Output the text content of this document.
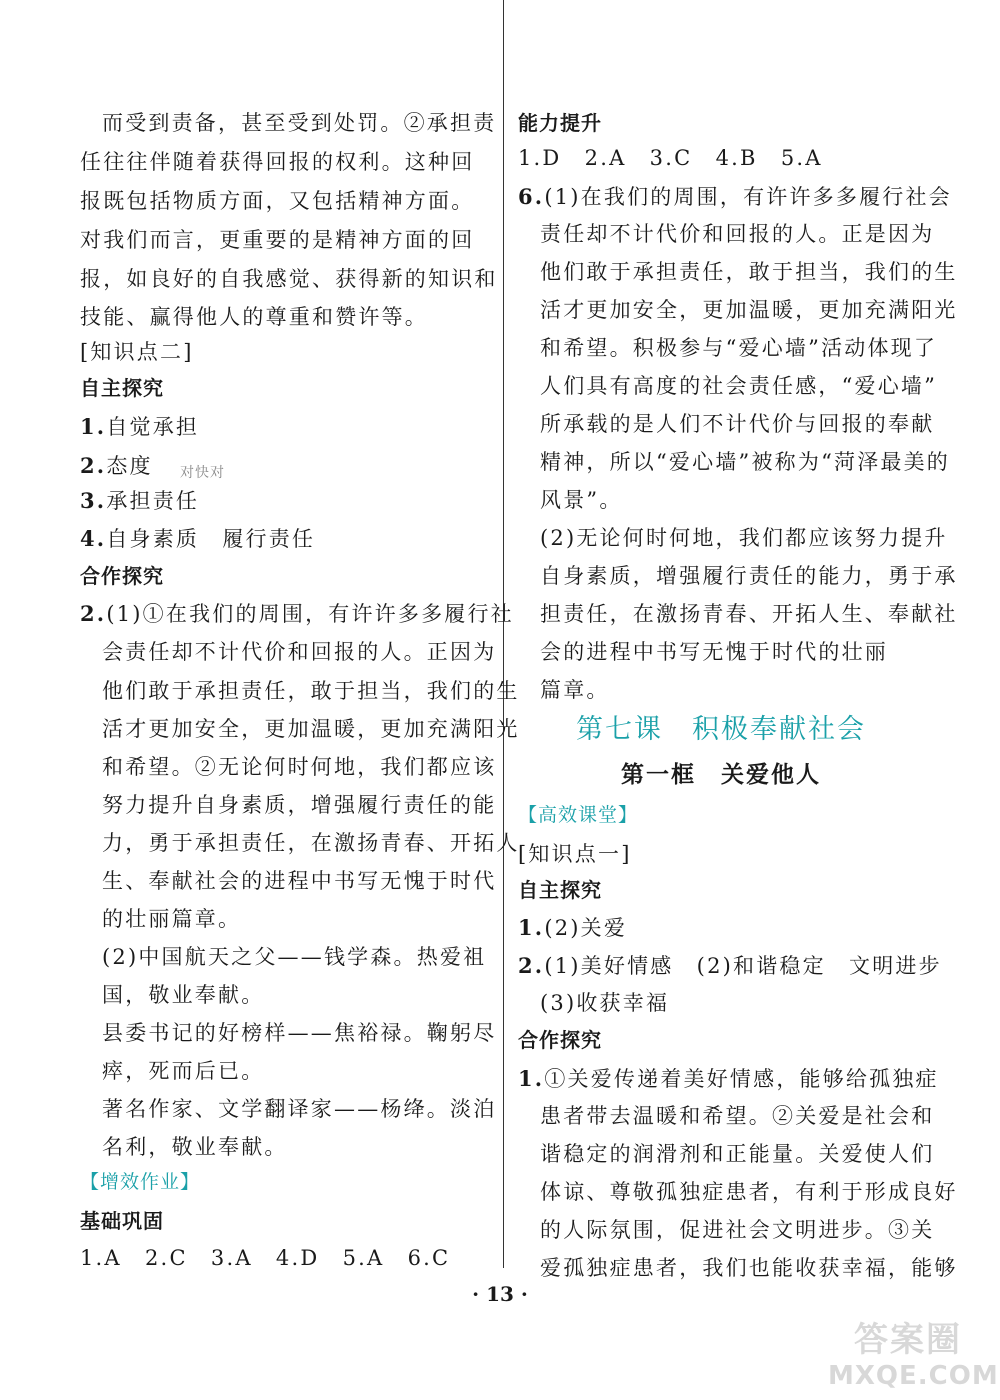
而受到责备，甚至受到处罚。②承担责
任往往伴随着获得回报的权利。这种回
报既包括物质方面，又包括精神方面。
对我们而言，更重要的是精神方面的回
报，如良好的自我感觉、获得新的知识和
技能、赢得他人的尊重和赞许等。
[知识点二]
自主探究
1.自觉承担
2.态度 对快对
3.承担责任
4.自身素质　履行责任
合作探究
2.(1)①在我们的周围，有许许多多履行社
会责任却不计代价和回报的人。正因为
他们敢于承担责任，敢于担当，我们的生
活才更加安全，更加温暖，更加充满阳光
和希望。②无论何时何地，我们都应该
努力提升自身素质，增强履行责任的能
力，勇于承担责任，在激扬青春、开拓人
生、奉献社会的进程中书写无愧于时代
的壮丽篇章。
(2)中国航天之父——钱学森。热爱祖
国，敬业奉献。
县委书记的好榜样——焦裕禄。鞠躬尽
瘁，死而后已。
著名作家、文学翻译家——杨绛。淡泊
名利，敬业奉献。
【增效作业】
基础巩固
1.A　2.C　3.A　4.D　5.A　6.C
能力提升
1.D　2.A　3.C　4.B　5.A
6.(1)在我们的周围，有许许多多履行社会
责任却不计代价和回报的人。正是因为
他们敢于承担责任，敢于担当，我们的生
活才更加安全，更加温暖，更加充满阳光
和希望。积极参与“爱心墙”活动体现了
人们具有高度的社会责任感，“爱心墙”
所承载的是人们不计代价与回报的奉献
精神，所以“爱心墙”被称为“菏泽最美的
风景”。
(2)无论何时何地，我们都应该努力提升
自身素质，增强履行责任的能力，勇于承
担责任，在激扬青春、开拓人生、奉献社
会的进程中书写无愧于时代的壮丽
篇章。
第七课　积极奉献社会
第一框　关爱他人
【高效课堂】
[知识点一]
自主探究
1.(2)关爱
2.(1)美好情感　(2)和谐稳定　文明进步
(3)收获幸福
合作探究
1.①关爱传递着美好情感，能够给孤独症
患者带去温暖和希望。②关爱是社会和
谐稳定的润滑剂和正能量。关爱使人们
体谅、尊敬孤独症患者，有利于形成良好
的人际氛围，促进社会文明进步。③关
爱孤独症患者，我们也能收获幸福，能够
· 13 ·
答案圈
MXQE.COM
